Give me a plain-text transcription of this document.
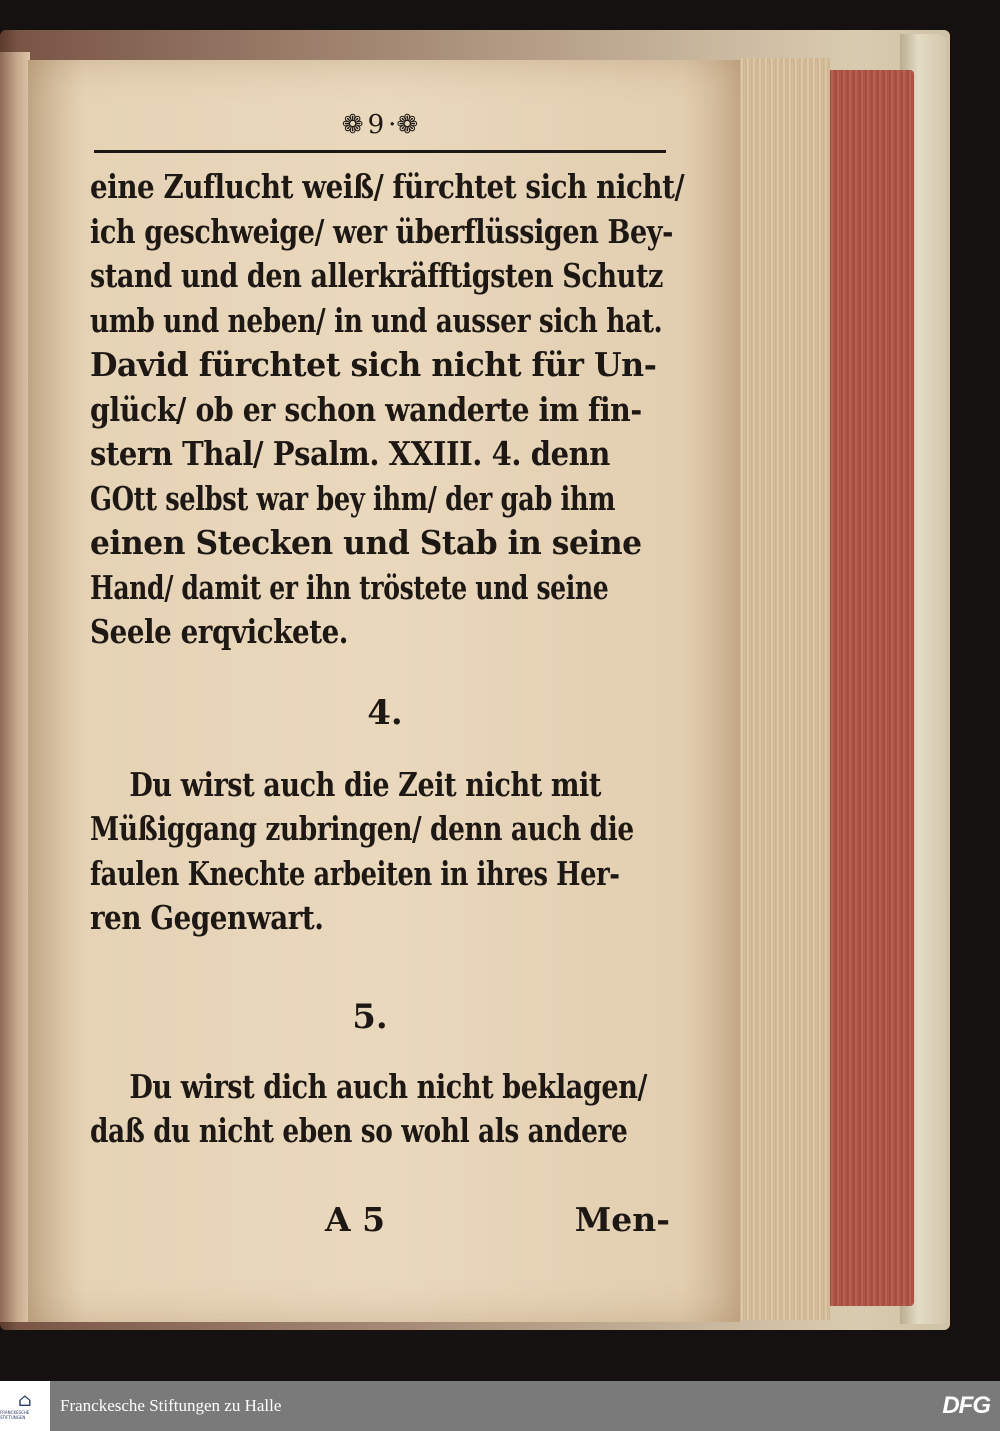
❁ 9 ·❁
eine Zuflucht weiß/ fürchtet sich nicht/
ich geschweige/ wer überflüssigen Bey-
stand und den allerkräfftigsten Schutz
umb und neben/ in und ausser sich hat.
David fürchtet sich nicht für Un-
glück/ ob er schon wanderte im fin-
stern Thal/ Psalm. XXIII. 4. denn
GOtt selbst war bey ihm/ der gab ihm
einen Stecken und Stab in seine
Hand/ damit er ihn tröstete und seine
Seele erqvickete.
4.
Du wirst auch die Zeit nicht mit
Müßiggang zubringen/ denn auch die
faulen Knechte arbeiten in ihres Her-
ren Gegenwart.
5.
Du wirst dich auch nicht beklagen/
daß du nicht eben so wohl als andere
A 5	Men-
⌂
FRANCKESCHE STIFTUNGEN
Franckesche Stiftungen zu Halle	DFG
